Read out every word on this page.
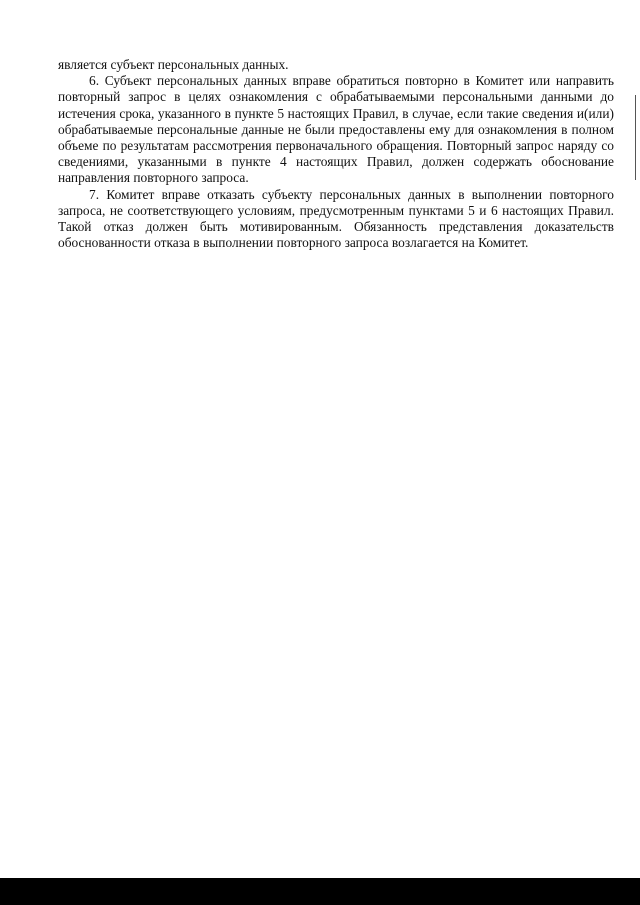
является субъект персональных данных.

6. Субъект персональных данных вправе обратиться повторно в Комитет или направить повторный запрос в целях ознакомления с обрабатываемыми персональными данными до истечения срока, указанного в пункте 5 настоящих Правил, в случае, если такие сведения и(или) обрабатываемые персональные данные не были предоставлены ему для ознакомления в полном объеме по результатам рассмотрения первоначального обращения. Повторный запрос наряду со сведениями, указанными в пункте 4 настоящих Правил, должен содержать обоснование направления повторного запроса.

7. Комитет вправе отказать субъекту персональных данных в выполнении повторного запроса, не соответствующего условиям, предусмотренным пунктами 5 и 6 настоящих Правил. Такой отказ должен быть мотивированным. Обязанность представления доказательств обоснованности отказа в выполнении повторного запроса возлагается на Комитет.
